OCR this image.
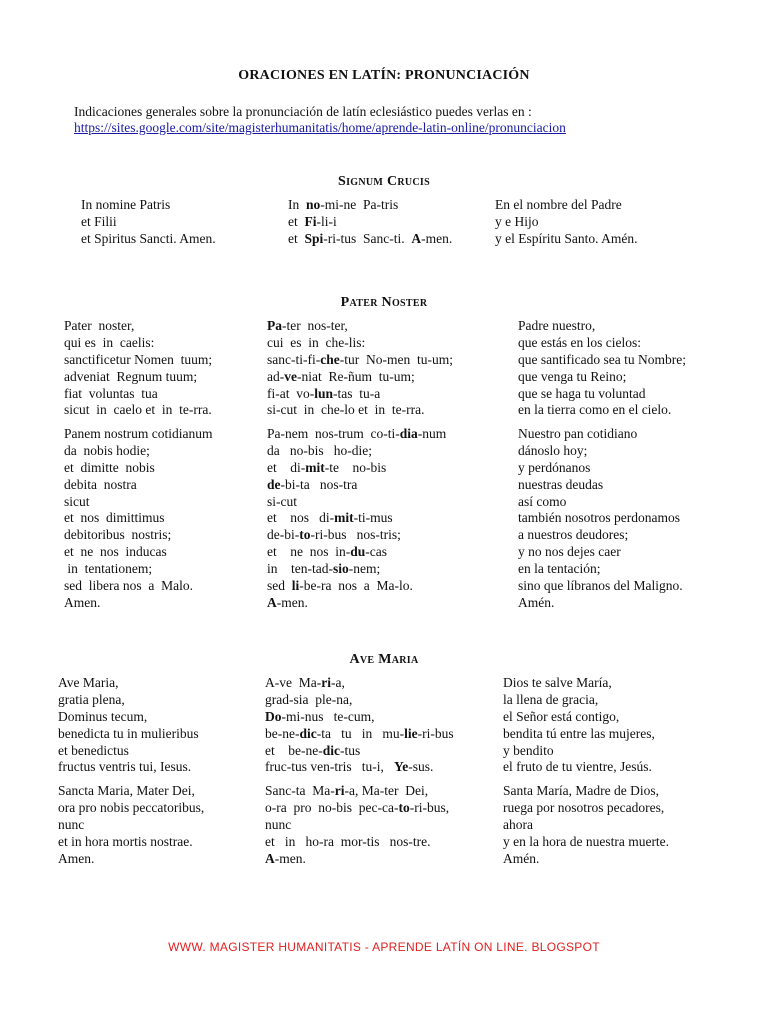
ORACIONES EN LATÍN: PRONUNCIACIÓN
Indicaciones generales sobre la pronunciación de latín eclesiástico puedes verlas en :
https://sites.google.com/site/magisterhumanitatis/home/aprende-latin-online/pronunciacion
Signum Crucis
In nomine Patris
et Filii
et Spiritus Sancti. Amen.
In  no-mi-ne  Pa-tris
et  Fi-li-i
et  Spi-ri-tus  Sanc-ti.  A-men.
En el nombre del Padre
y e Hijo
y el Espíritu Santo. Amén.
Pater Noster
Pater  noster,
qui es  in  caelis:
sanctificetur Nomen  tuum;
adveniat  Regnum tuum;
fiat  voluntas  tua
sicut  in  caelo et  in  te-rra.
Pa-ter  nos-ter,
cui  es  in  che-lis:
sanc-ti-fi-che-tur  No-men  tu-um;
ad-ve-niat  Re-ñum  tu-um;
fi-at  vo-lun-tas  tu-a
si-cut  in  che-lo et  in  te-rra.
Padre nuestro,
que estás en los cielos:
que santificado sea tu Nombre;
que venga tu Reino;
que se haga tu voluntad
en la tierra como en el cielo.
Panem nostrum cotidianum
da  nobis hodie;
et  dimitte  nobis
debita  nostra
sicut
et  nos  dimittimus
debitoribus  nostris;
et  ne  nos  inducas
in  tentationem;
sed  libera nos  a  Malo.
Amen.
Pa-nem  nos-trum  co-ti-dia-num
da   no-bis   ho-die;
et    di-mit-te    no-bis
de-bi-ta   nos-tra
si-cut
et    nos   di-mit-ti-mus
de-bi-to-ri-bus   nos-tris;
et    ne  nos  in-du-cas
in    ten-tad-sio-nem;
sed  li-be-ra  nos  a  Ma-lo.
A-men.
Nuestro pan cotidiano
dánoslo hoy;
y perdónanos
nuestras deudas
así como
también nosotros perdonamos
a nuestros deudores;
y no nos dejes caer
en la tentación;
sino que líbranos del Maligno.
Amén.
Ave Maria
Ave Maria,
gratia plena,
Dominus tecum,
benedicta tu in mulieribus
et benedictus
fructus ventris tui, Iesus.
A-ve  Ma-ri-a,
grad-sia  ple-na,
Do-mi-nus   te-cum,
be-ne-dic-ta   tu   in   mu-lie-ri-bus
et    be-ne-dic-tus
fruc-tus ven-tris   tu-i,   Ye-sus.
Dios te salve María,
la llena de gracia,
el Señor está contigo,
bendita tú entre las mujeres,
y bendito
el fruto de tu vientre, Jesús.
Sancta Maria, Mater Dei,
ora pro nobis peccatoribus,
nunc
et in hora mortis nostrae.
Amen.
Sanc-ta  Ma-ri-a, Ma-ter  Dei,
o-ra  pro  no-bis  pec-ca-to-ri-bus,
nunc
et   in   ho-ra  mor-tis   nos-tre.
A-men.
Santa María, Madre de Dios,
ruega por nosotros pecadores,
ahora
y en la hora de nuestra muerte.
Amén.
WWW. MAGISTER HUMANITATIS - APRENDE LATÍN ON LINE. BLOGSPOT
